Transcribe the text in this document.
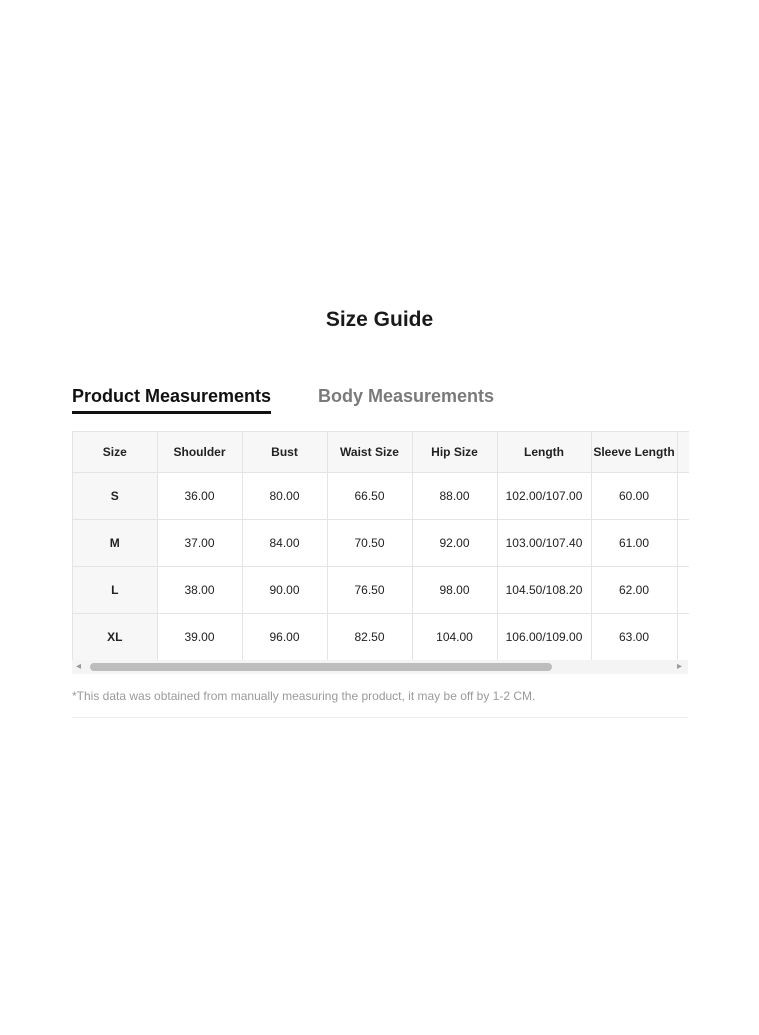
Size Guide
Product Measurements	Body Measurements
Size	Shoulder	Bust	Waist Size	Hip Size	Length	Sleeve Length	
S	36.00	80.00	66.50	88.00	102.00/107.00	60.00	
M	37.00	84.00	70.50	92.00	103.00/107.40	61.00	
L	38.00	90.00	76.50	98.00	104.50/108.20	62.00	
XL	39.00	96.00	82.50	104.00	106.00/109.00	63.00	
◂	▸
*This data was obtained from manually measuring the product, it may be off by 1-2 CM.
